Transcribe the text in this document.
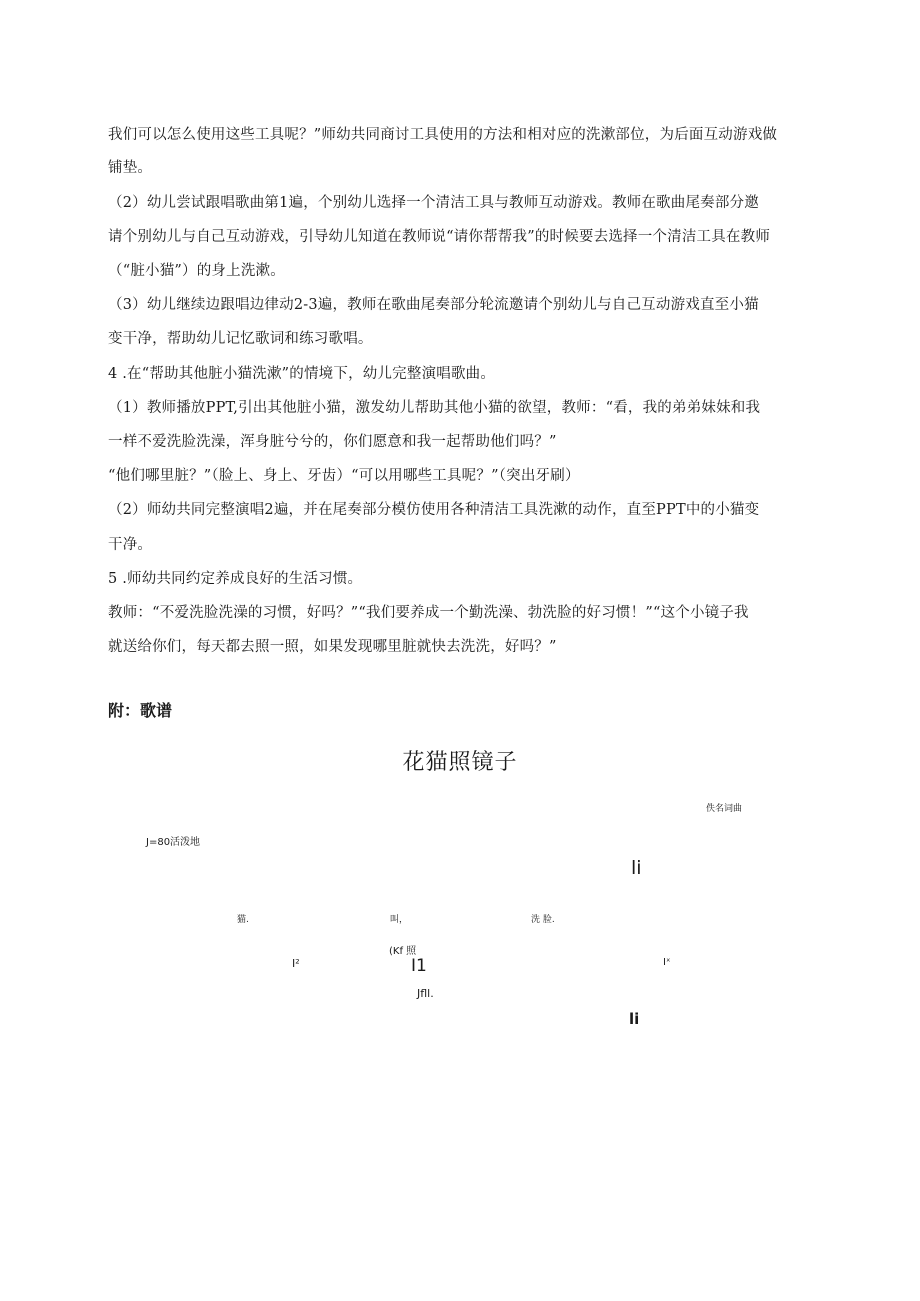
我们可以怎么使用这些工具呢？”师幼共同商讨工具使用的方法和相对应的洗漱部位，为后面互动游戏做
铺垫。
（2）幼儿尝试跟唱歌曲第1遍，个别幼儿选择一个清洁工具与教师互动游戏。教师在歌曲尾奏部分邀
请个别幼儿与自己互动游戏，引导幼儿知道在教师说“请你帮帮我”的时候要去选择一个清洁工具在教师
（“脏小猫”）的身上洗漱。
（3）幼儿继续边跟唱边律动2-3遍，教师在歌曲尾奏部分轮流邀请个别幼儿与自己互动游戏直至小猫
变干净，帮助幼儿记忆歌词和练习歌唱。
4 .在“帮助其他脏小猫洗漱”的情境下，幼儿完整演唱歌曲。
（1）教师播放PPT,引出其他脏小猫，激发幼儿帮助其他小猫的欲望，教师：“看，我的弟弟妹妹和我
一样不爱洗脸洗澡，浑身脏兮兮的，你们愿意和我一起帮助他们吗？”
“他们哪里脏？”（脸上、身上、牙齿）“可以用哪些工具呢？”（突出牙刷）
（2）师幼共同完整演唱2遍，并在尾奏部分模仿使用各种清洁工具洗漱的动作，直至PPT中的小猫变
干净。
5 .师幼共同约定养成良好的生活习惯。
教师：“不爱洗脸洗澡的习惯，好吗？”“我们要养成一个勤洗澡、勃洗脸的好习惯！”“这个小镜子我
就送给你们，每天都去照一照，如果发现哪里脏就快去洗洗，好吗？”
附：歌谱
花猫照镜子
佚名词曲
J=80活泼地
li
猫.	叫，	洗 脸.
(Kf 照
I²	I1	Iˣ
Jfll.
li
